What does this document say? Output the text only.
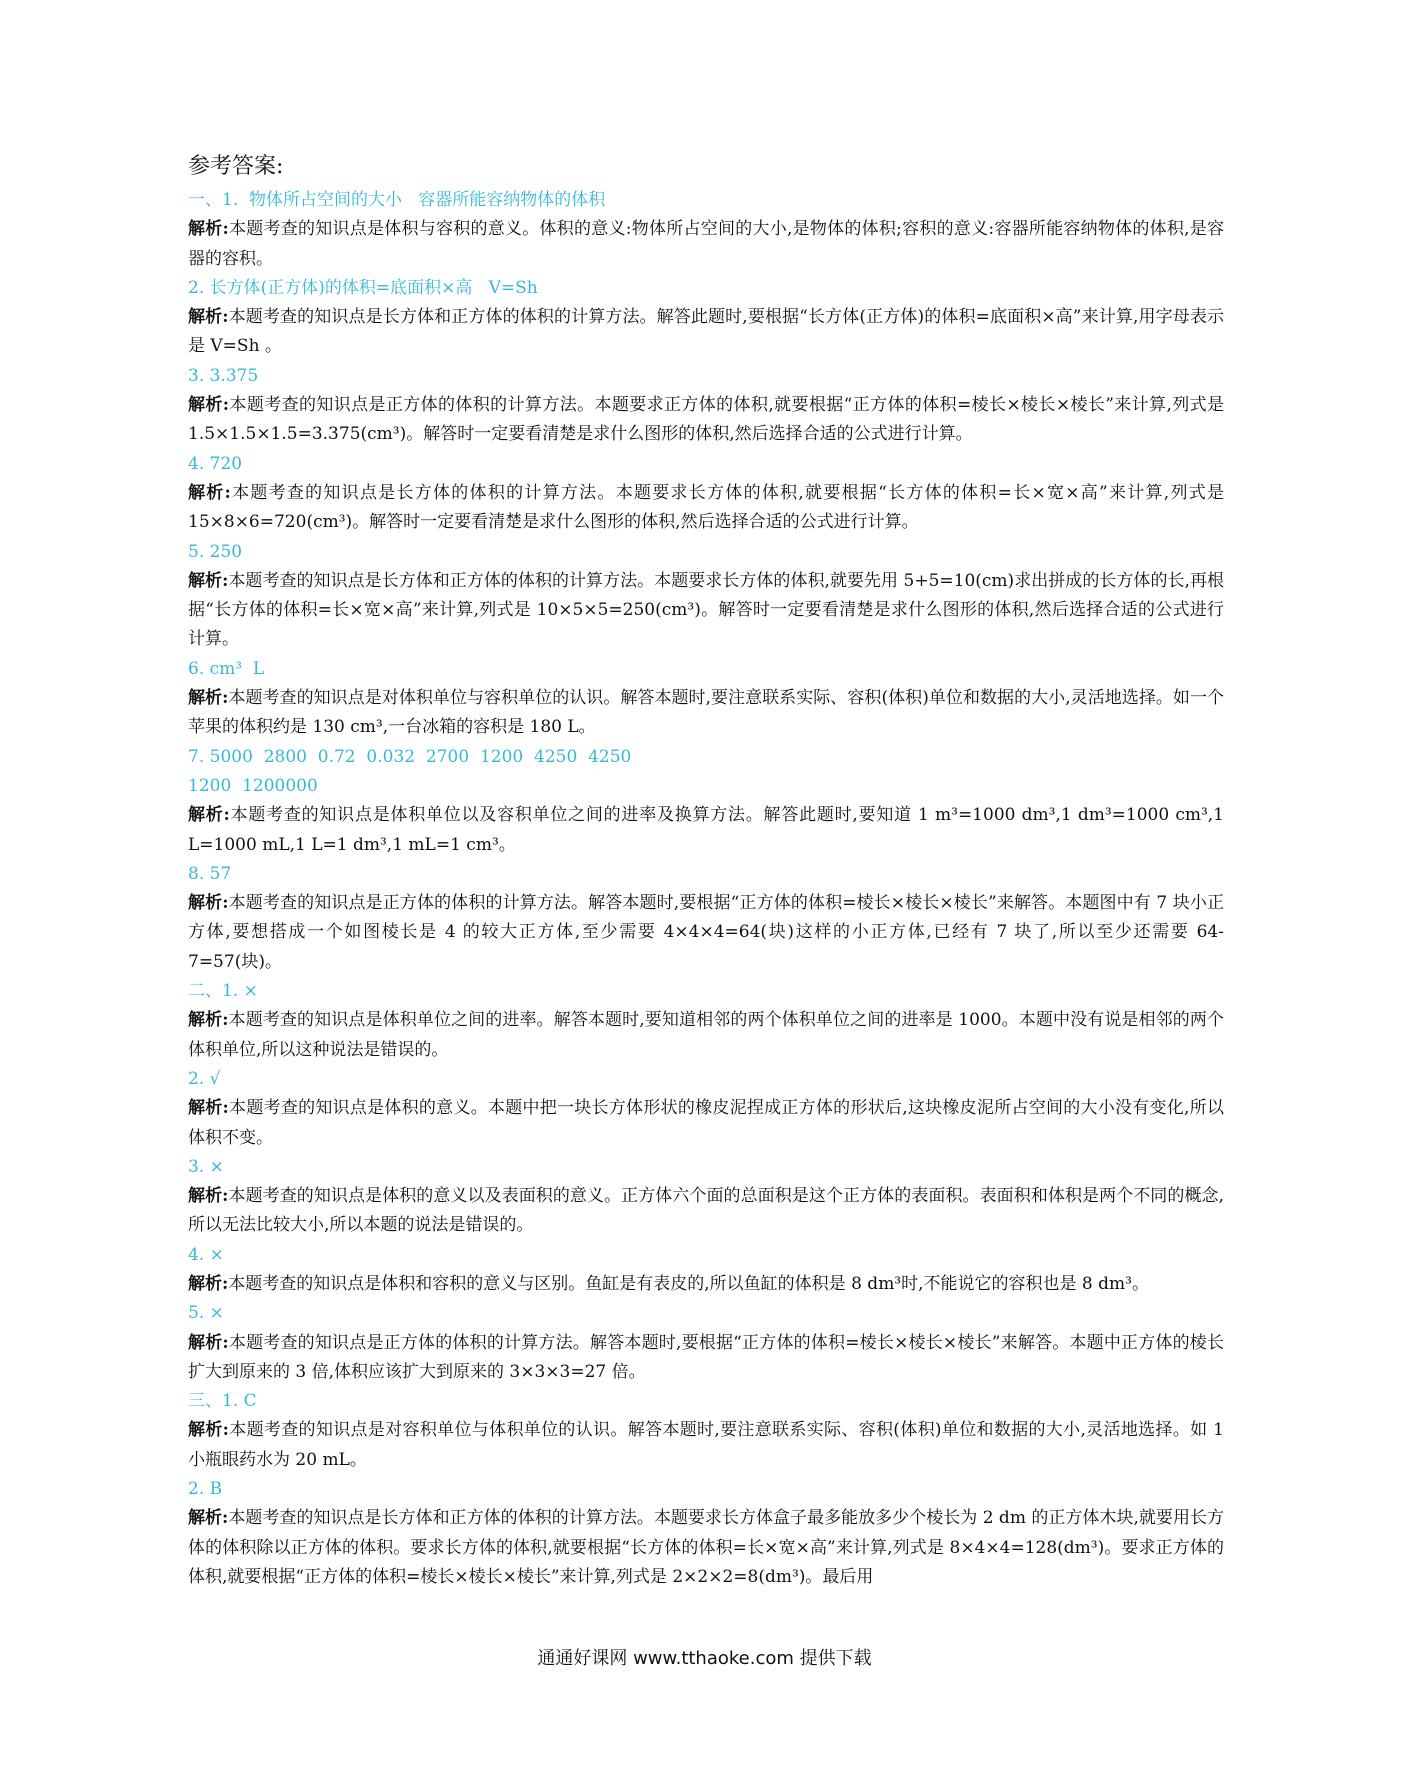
参考答案:
一、1.  物体所占空间的大小   容器所能容纳物体的体积
解析:本题考查的知识点是体积与容积的意义。体积的意义:物体所占空间的大小,是物体的体积;容积的意义:容器所能容纳物体的体积,是容器的容积。
2. 长方体(正方体)的体积=底面积×高   V=Sh
解析:本题考查的知识点是长方体和正方体的体积的计算方法。解答此题时,要根据“长方体(正方体)的体积=底面积×高”来计算,用字母表示是 V=Sh 。
3. 3.375
解析:本题考查的知识点是正方体的体积的计算方法。本题要求正方体的体积,就要根据“正方体的体积=棱长×棱长×棱长”来计算,列式是 1.5×1.5×1.5=3.375(cm³)。解答时一定要看清楚是求什么图形的体积,然后选择合适的公式进行计算。
4. 720
解析:本题考查的知识点是长方体的体积的计算方法。本题要求长方体的体积,就要根据“长方体的体积=长×宽×高”来计算,列式是 15×8×6=720(cm³)。解答时一定要看清楚是求什么图形的体积,然后选择合适的公式进行计算。
5. 250
解析:本题考查的知识点是长方体和正方体的体积的计算方法。本题要求长方体的体积,就要先用 5+5=10(cm)求出拼成的长方体的长,再根据“长方体的体积=长×宽×高”来计算,列式是 10×5×5=250(cm³)。解答时一定要看清楚是求什么图形的体积,然后选择合适的公式进行计算。
6. cm³  L
解析:本题考查的知识点是对体积单位与容积单位的认识。解答本题时,要注意联系实际、容积(体积)单位和数据的大小,灵活地选择。如一个苹果的体积约是 130 cm³,一台冰箱的容积是 180 L。
7. 5000  2800  0.72  0.032  2700  1200  4250  4250
1200  1200000
解析:本题考查的知识点是体积单位以及容积单位之间的进率及换算方法。解答此题时,要知道 1 m³=1000 dm³,1 dm³=1000 cm³,1 L=1000 mL,1 L=1 dm³,1 mL=1 cm³。
8. 57
解析:本题考查的知识点是正方体的体积的计算方法。解答本题时,要根据“正方体的体积=棱长×棱长×棱长”来解答。本题图中有 7 块小正方体,要想搭成一个如图棱长是 4 的较大正方体,至少需要 4×4×4=64(块)这样的小正方体,已经有 7 块了,所以至少还需要 64-7=57(块)。
二、1. ×
解析:本题考查的知识点是体积单位之间的进率。解答本题时,要知道相邻的两个体积单位之间的进率是 1000。本题中没有说是相邻的两个体积单位,所以这种说法是错误的。
2. √
解析:本题考查的知识点是体积的意义。本题中把一块长方体形状的橡皮泥捏成正方体的形状后,这块橡皮泥所占空间的大小没有变化,所以体积不变。
3. ×
解析:本题考查的知识点是体积的意义以及表面积的意义。正方体六个面的总面积是这个正方体的表面积。表面积和体积是两个不同的概念,所以无法比较大小,所以本题的说法是错误的。
4. ×
解析:本题考查的知识点是体积和容积的意义与区别。鱼缸是有表皮的,所以鱼缸的体积是 8 dm³时,不能说它的容积也是 8 dm³。
5. ×
解析:本题考查的知识点是正方体的体积的计算方法。解答本题时,要根据“正方体的体积=棱长×棱长×棱长”来解答。本题中正方体的棱长扩大到原来的 3 倍,体积应该扩大到原来的 3×3×3=27 倍。
三、1. C
解析:本题考查的知识点是对容积单位与体积单位的认识。解答本题时,要注意联系实际、容积(体积)单位和数据的大小,灵活地选择。如 1 小瓶眼药水为 20 mL。
2. B
解析:本题考查的知识点是长方体和正方体的体积的计算方法。本题要求长方体盒子最多能放多少个棱长为 2 dm 的正方体木块,就要用长方体的体积除以正方体的体积。要求长方体的体积,就要根据“长方体的体积=长×宽×高”来计算,列式是 8×4×4=128(dm³)。要求正方体的体积,就要根据“正方体的体积=棱长×棱长×棱长”来计算,列式是 2×2×2=8(dm³)。最后用
通通好课网 www.tthaoke.com 提供下载
